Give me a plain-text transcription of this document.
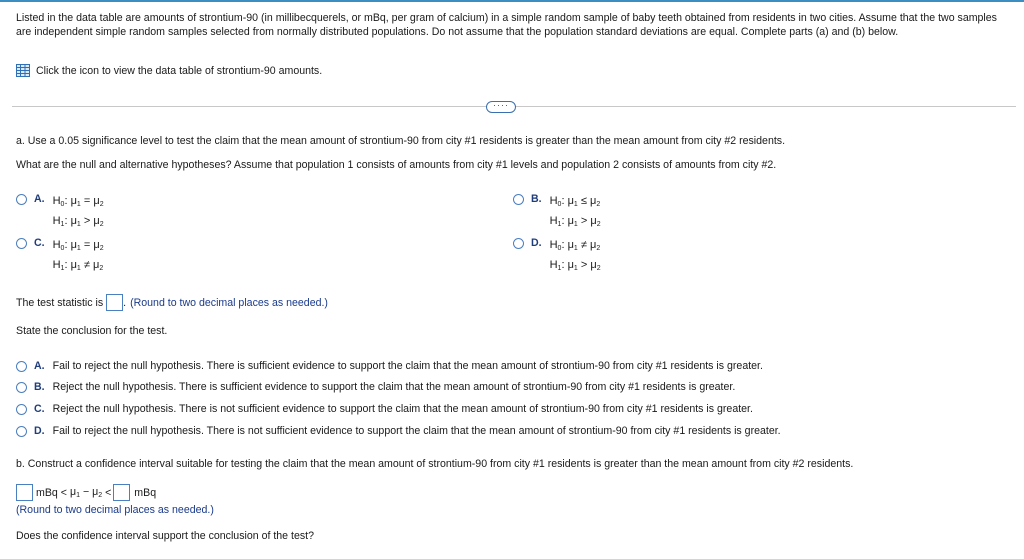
Listed in the data table are amounts of strontium-90 (in millibecquerels, or mBq, per gram of calcium) in a simple random sample of baby teeth obtained from residents in two cities. Assume that the two samples are independent simple random samples selected from normally distributed populations. Do not assume that the population standard deviations are equal. Complete parts (a) and (b) below.
Click the icon to view the data table of strontium-90 amounts.
····
a. Use a 0.05 significance level to test the claim that the mean amount of strontium-90 from city #1 residents is greater than the mean amount from city #2 residents.
What are the null and alternative hypotheses? Assume that population 1 consists of amounts from city #1 levels and population 2 consists of amounts from city #2.
A. $H_0$: $\mu_1 = \mu_2$
$H_1$: $\mu_1 > \mu_2$
B. $H_0$: $\mu_1 \le \mu_2$
$H_1$: $\mu_1 > \mu_2$
C. $H_0$: $\mu_1 = \mu_2$
$H_1$: $\mu_1 \ne \mu_2$
D. $H_0$: $\mu_1 \ne \mu_2$
$H_1$: $\mu_1 > \mu_2$
The test statistic is . (Round to two decimal places as needed.)
State the conclusion for the test.
A. Fail to reject the null hypothesis. There is sufficient evidence to support the claim that the mean amount of strontium-90 from city #1 residents is greater.
B. Reject the null hypothesis. There is sufficient evidence to support the claim that the mean amount of strontium-90 from city #1 residents is greater.
C. Reject the null hypothesis. There is not sufficient evidence to support the claim that the mean amount of strontium-90 from city #1 residents is greater.
D. Fail to reject the null hypothesis. There is not sufficient evidence to support the claim that the mean amount of strontium-90 from city #1 residents is greater.
b. Construct a confidence interval suitable for testing the claim that the mean amount of strontium-90 from city #1 residents is greater than the mean amount from city #2 residents.
mBq < $\mu_1 - \mu_2$ < mBq
(Round to two decimal places as needed.)
Does the confidence interval support the conclusion of the test?
